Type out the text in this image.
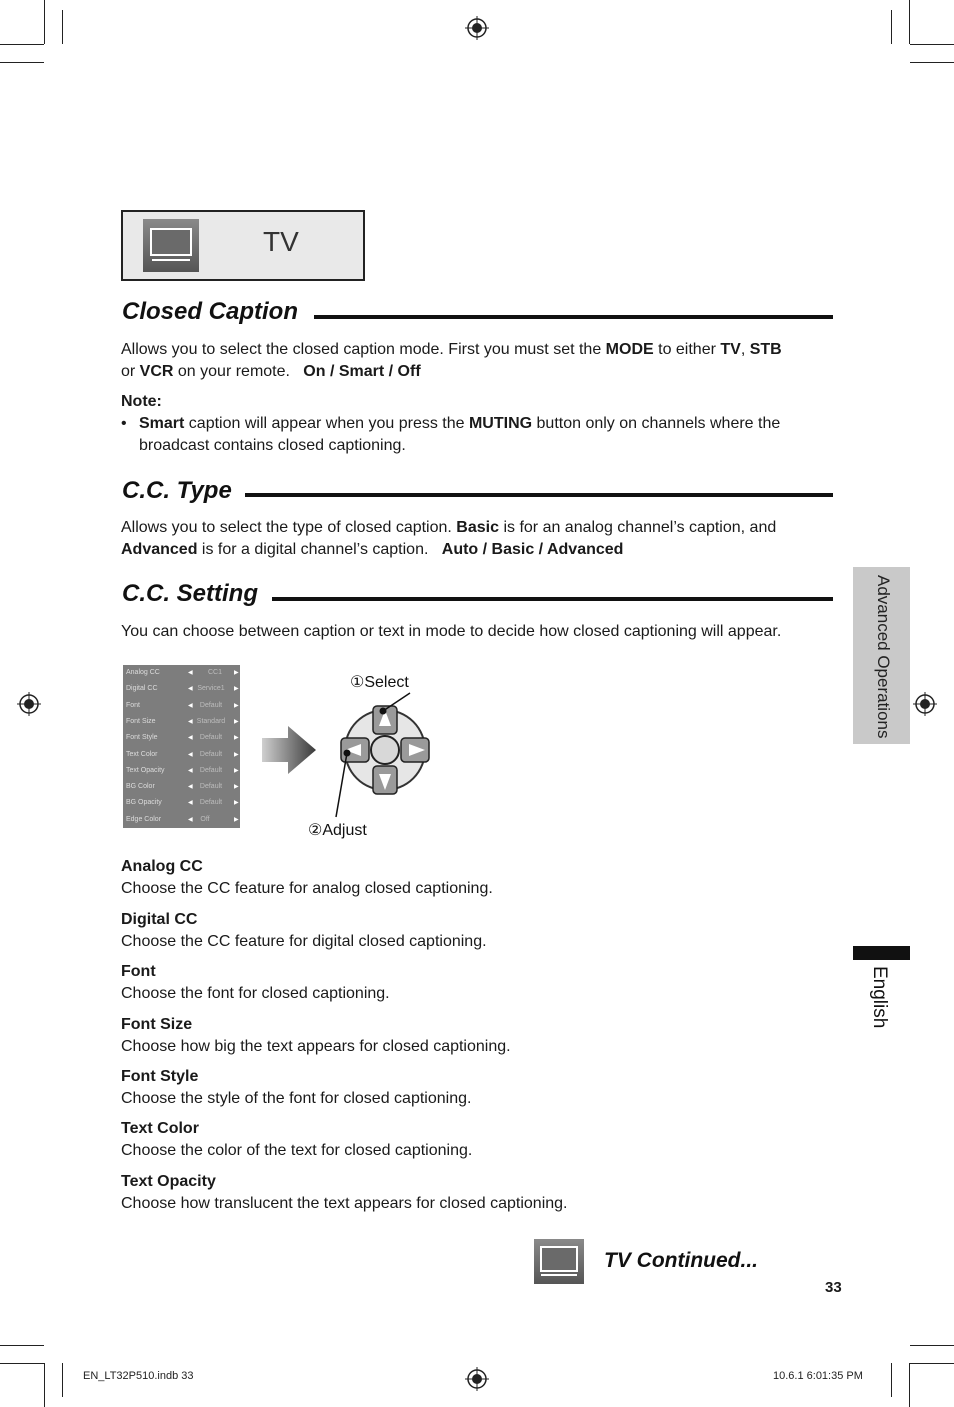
TV
Closed Caption
Allows you to select the closed caption mode. First you must set the MODE to either TV, STB
or VCR on your remote. On / Smart / Off
Note:
• Smart caption will appear when you press the MUTING button only on channels where the
broadcast contains closed captioning.
C.C. Type
Allows you to select the type of closed caption. Basic is for an analog channel’s caption, and
Advanced is for a digital channel’s caption. Auto / Basic / Advanced
C.C. Setting
You can choose between caption or text in mode to decide how closed captioning will appear.
Analog CC	◀	CC1	▶
Digital CC	◀ Service1	▶
Font	◀	Default	▶
Font Size	◀ Standard	▶
Font Style	◀	Default	▶
Text Color	◀	Default	▶
Text Opacity	◀	Default	▶
BG Color	◀	Default	▶
BG Opacity	◀	Default	▶
Edge Color	◀	Off	▶
①Select
②Adjust
Analog CC
Choose the CC feature for analog closed captioning.
Digital CC
Choose the CC feature for digital closed captioning.
Font
Choose the font for closed captioning.
Font Size
Choose how big the text appears for closed captioning.
Font Style
Choose the style of the font for closed captioning.
Text Color
Choose the color of the text for closed captioning.
Text Opacity
Choose how translucent the text appears for closed captioning.
Advanced Operations
English
TV Continued...
33
EN_LT32P510.indb 33	10.6.1 6:01:35 PM
